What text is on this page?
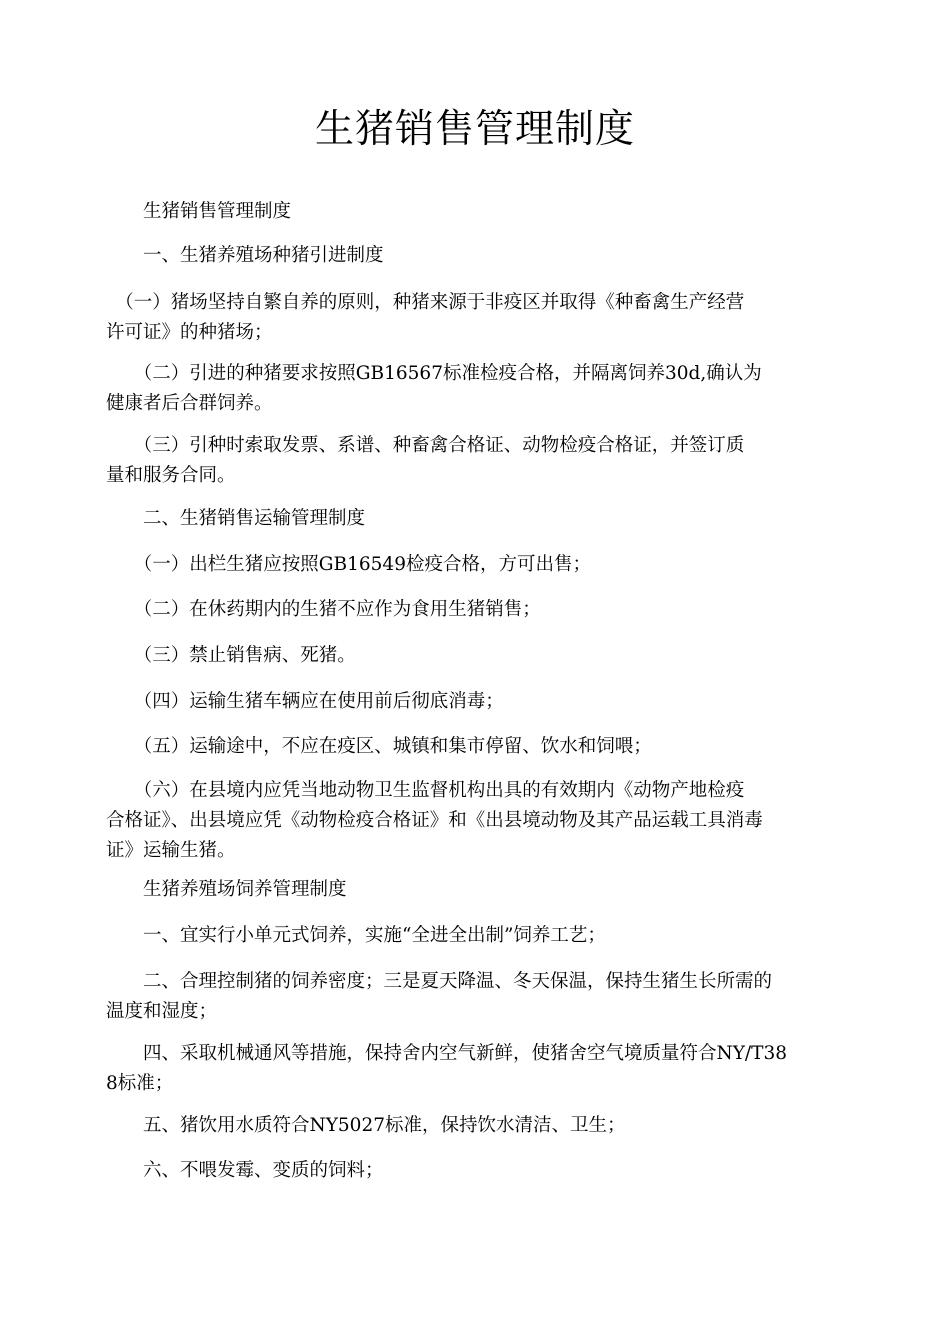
生猪销售管理制度

　　生猪销售管理制度

　　一、生猪养殖场种猪引进制度

　（一）猪场坚持自繁自养的原则，种猪来源于非疫区并取得《种畜禽生产经营
许可证》的种猪场；

　　（二）引进的种猪要求按照GB16567标准检疫合格，并隔离饲养30d,确认为
健康者后合群饲养。

　　（三）引种时索取发票、系谱、种畜禽合格证、动物检疫合格证，并签订质
量和服务合同。

　　二、生猪销售运输管理制度

　　（一）出栏生猪应按照GB16549检疫合格，方可出售；

　　（二）在休药期内的生猪不应作为食用生猪销售；

　　（三）禁止销售病、死猪。

　　（四）运输生猪车辆应在使用前后彻底消毒；

　　（五）运输途中，不应在疫区、城镇和集市停留、饮水和饲喂；

　　（六）在县境内应凭当地动物卫生监督机构出具的有效期内《动物产地检疫
合格证》、出县境应凭《动物检疫合格证》和《出县境动物及其产品运载工具消毒
证》运输生猪。

　　生猪养殖场饲养管理制度

　　一、宜实行小单元式饲养，实施“全进全出制”饲养工艺；

　　二、合理控制猪的饲养密度；三是夏天降温、冬天保温，保持生猪生长所需的
温度和湿度；

　　四、采取机械通风等措施，保持舍内空气新鲜，使猪舍空气境质量符合NY/T38
8标准；

　　五、猪饮用水质符合NY5027标准，保持饮水清洁、卫生；

　　六、不喂发霉、变质的饲料；
